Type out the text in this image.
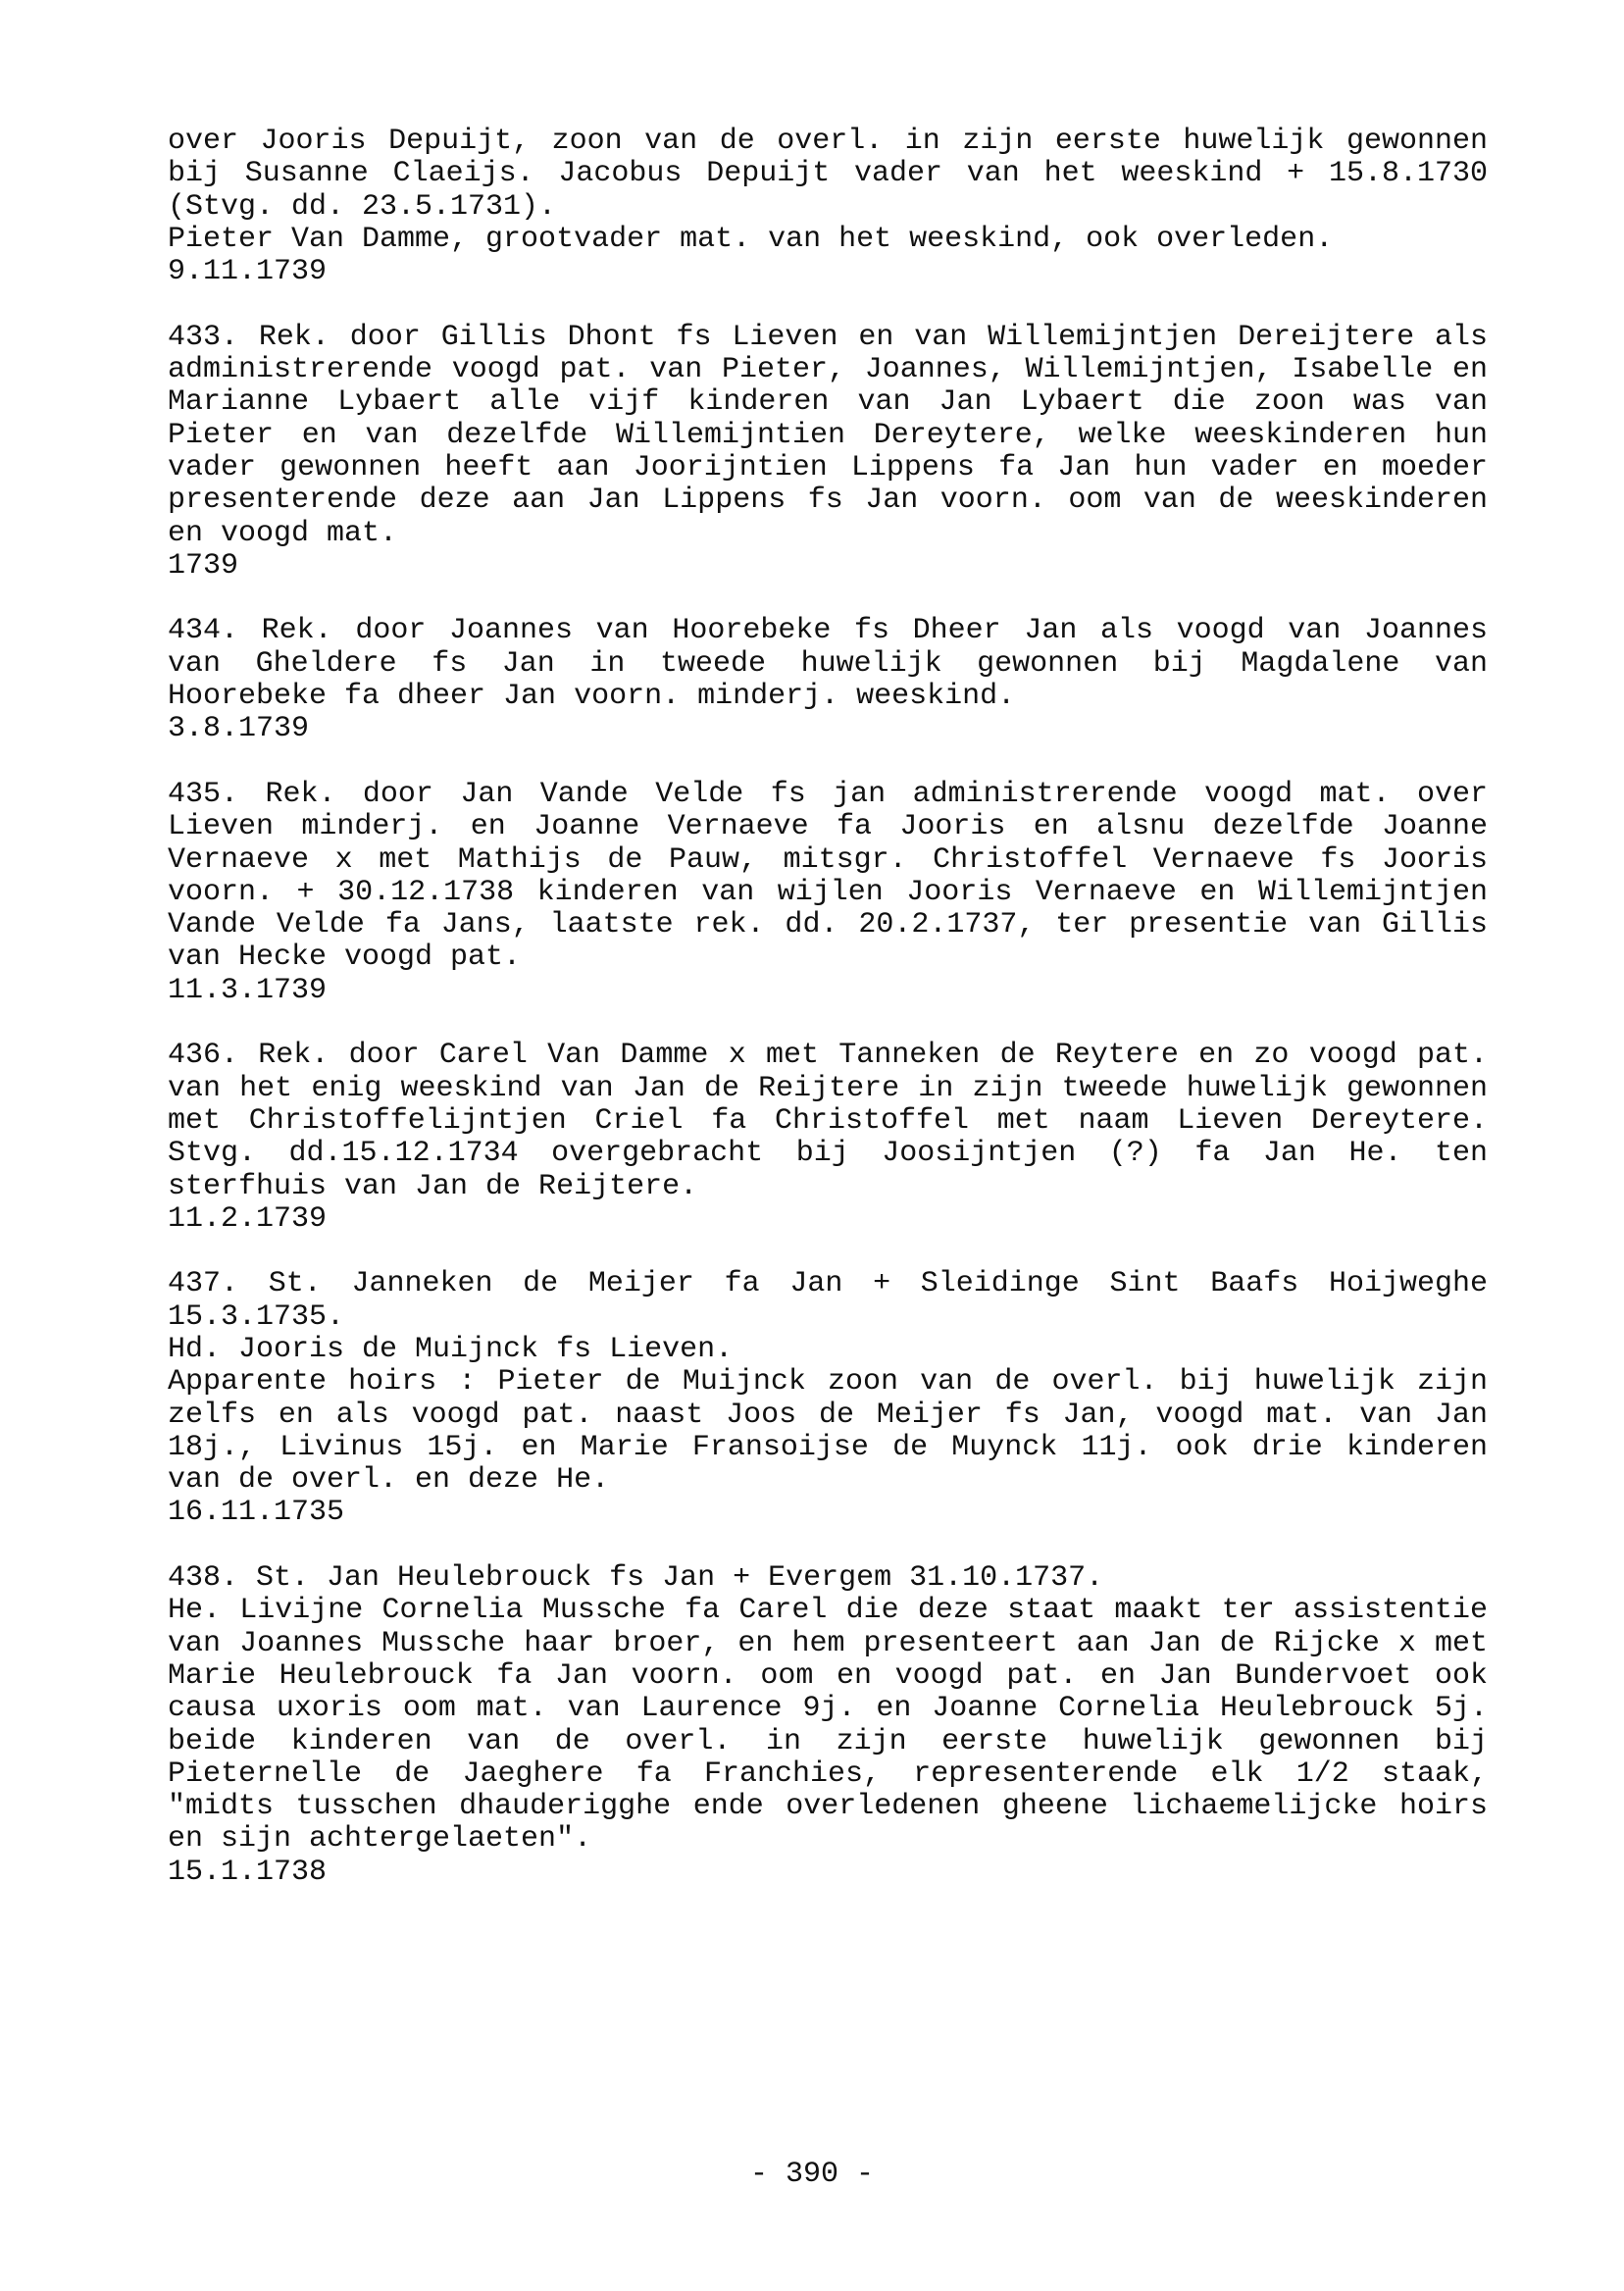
over Jooris Depuijt, zoon van de overl. in zijn eerste huwelijk gewonnen bij Susanne Claeijs. Jacobus Depuijt vader van het weeskind + 15.8.1730 (Stvg. dd. 23.5.1731).
Pieter Van Damme, grootvader mat. van het weeskind, ook overleden.
9.11.1739
433. Rek. door Gillis Dhont fs Lieven en van Willemijntjen Dereijtere als administrerende voogd pat. van Pieter, Joannes, Willemijntjen, Isabelle en Marianne Lybaert alle vijf kinderen van Jan Lybaert die zoon was van Pieter en van dezelfde Willemijntien Dereytere, welke weeskinderen hun vader gewonnen heeft aan Joorijntien Lippens fa Jan hun vader en moeder presenterende deze aan Jan Lippens fs Jan voorn. oom van de weeskinderen en voogd mat.
1739
434. Rek. door Joannes van Hoorebeke fs Dheer Jan als voogd van Joannes van Gheldere fs Jan in tweede huwelijk gewonnen bij Magdalene van Hoorebeke fa dheer Jan voorn. minderj. weeskind.
3.8.1739
435. Rek. door Jan Vande Velde fs jan administrerende voogd mat. over Lieven minderj. en Joanne Vernaeve fa Jooris en alsnu dezelfde Joanne Vernaeve x met Mathijs de Pauw, mitsgr. Christoffel Vernaeve fs Jooris voorn. + 30.12.1738 kinderen van wijlen Jooris Vernaeve en Willemijntjen Vande Velde fa Jans, laatste rek. dd. 20.2.1737, ter presentie van Gillis van Hecke voogd pat.
11.3.1739
436. Rek. door Carel Van Damme x met Tanneken de Reytere en zo voogd pat. van het enig weeskind van Jan de Reijtere in zijn tweede huwelijk gewonnen met Christoffelijntjen Criel fa Christoffel met naam Lieven Dereytere. Stvg. dd.15.12.1734 overgebracht bij Joosijntjen (?) fa Jan He. ten sterfhuis van Jan de Reijtere.
11.2.1739
437. St. Janneken de Meijer fa Jan + Sleidinge Sint Baafs Hoijweghe 15.3.1735.
Hd. Jooris de Muijnck fs Lieven.
Apparente hoirs : Pieter de Muijnck zoon van de overl. bij huwelijk zijn zelfs en als voogd pat. naast Joos de Meijer fs Jan, voogd mat. van Jan 18j., Livinus 15j. en Marie Fransoijse de Muynck 11j. ook drie kinderen van de overl. en deze He.
16.11.1735
438. St. Jan Heulebrouck fs Jan + Evergem 31.10.1737.
He. Livijne Cornelia Mussche fa Carel die deze staat maakt ter assistentie van Joannes Mussche haar broer, en hem presenteert aan Jan de Rijcke x met Marie Heulebrouck fa Jan voorn. oom en voogd pat. en Jan Bundervoet ook causa uxoris oom mat. van Laurence 9j. en Joanne Cornelia Heulebrouck 5j. beide kinderen van de overl. in zijn eerste huwelijk gewonnen bij Pieternelle de Jaeghere fa Franchies, representerende elk 1/2 staak, "midts tusschen dhauderigghe ende overledenen gheene lichaemelijcke hoirs en sijn achtergelaeten".
15.1.1738
- 390 -
